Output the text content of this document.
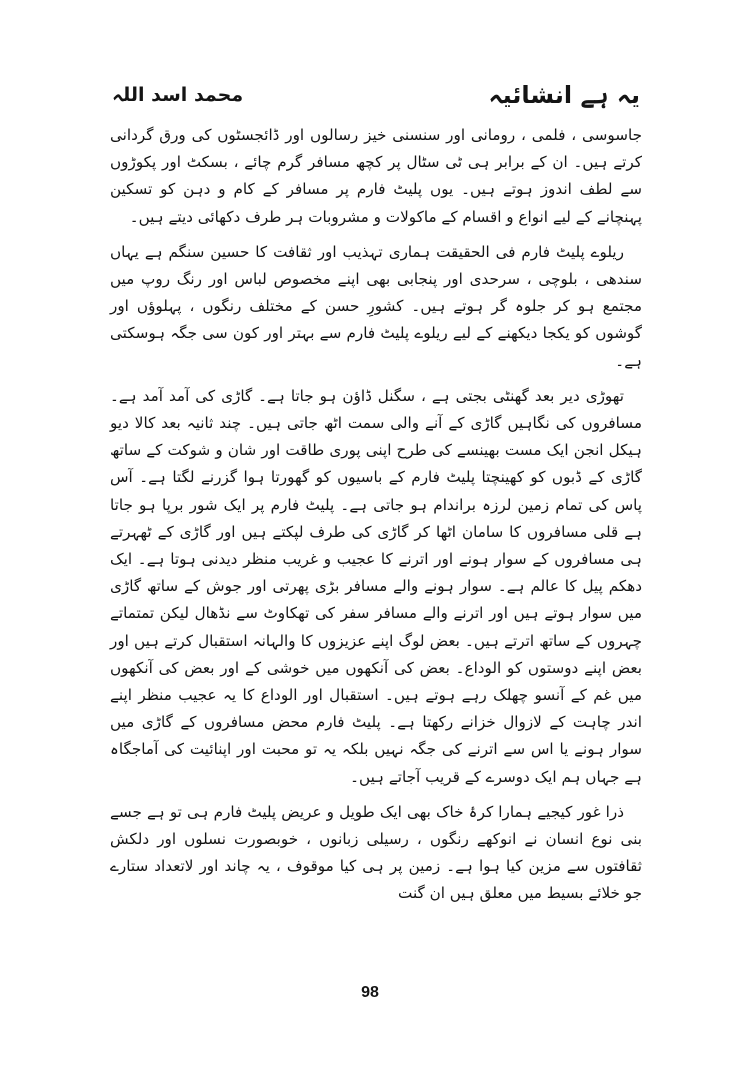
یہ ہے انشائیہ
محمد اسد اللہ

جاسوسی ، فلمی ، رومانی اور سنسنی خیز رسالوں اور ڈائجسٹوں کی ورق گردانی کرتے ہیں۔ ان کے برابر ہی ٹی سٹال پر کچھ مسافر گرم چائے ، بسکٹ اور پکوڑوں سے لطف اندوز ہوتے ہیں۔ یوں پلیٹ فارم پر مسافر کے کام و دہن کو تسکین پہنچانے کے لیے انواع و اقسام کے ماکولات و مشروبات ہر طرف دکھائی دیتے ہیں۔

ریلوے پلیٹ فارم فی الحقیقت ہماری تہذیب اور ثقافت کا حسین سنگم ہے یہاں سندھی ، بلوچی ، سرحدی اور پنجابی بھی اپنے مخصوص لباس اور رنگ روپ میں مجتمع ہو کر جلوہ گر ہوتے ہیں۔ کشورِ حسن کے مختلف رنگوں ، پہلوؤں اور گوشوں کو یکجا دیکھنے کے لیے ریلوے پلیٹ فارم سے بہتر اور کون سی جگہ ہوسکتی ہے۔

تھوڑی دیر بعد گھنٹی بجتی ہے ، سگنل ڈاؤن ہو جاتا ہے۔ گاڑی کی آمد آمد ہے۔ مسافروں کی نگاہیں گاڑی کے آنے والی سمت اٹھ جاتی ہیں۔ چند ثانیہ بعد کالا دیو ہیکل انجن ایک مست بھینسے کی طرح اپنی پوری طاقت اور شان و شوکت کے ساتھ گاڑی کے ڈبوں کو کھینچتا پلیٹ فارم کے باسیوں کو گھورتا ہوا گزرنے لگتا ہے۔ آس پاس کی تمام زمین لرزہ براندام ہو جاتی ہے۔ پلیٹ فارم پر ایک شور برپا ہو جاتا ہے قلی مسافروں کا سامان اٹھا کر گاڑی کی طرف لپکتے ہیں اور گاڑی کے ٹھہرتے ہی مسافروں کے سوار ہونے اور اترنے کا عجیب و غریب منظر دیدنی ہوتا ہے۔ ایک دھکم پیل کا عالم ہے۔ سوار ہونے والے مسافر بڑی پھرتی اور جوش کے ساتھ گاڑی میں سوار ہوتے ہیں اور اترنے والے مسافر سفر کی تھکاوٹ سے نڈھال لیکن تمتماتے چہروں کے ساتھ اترتے ہیں۔ بعض لوگ اپنے عزیزوں کا والہانہ استقبال کرتے ہیں اور بعض اپنے دوستوں کو الوداع۔ بعض کی آنکھوں میں خوشی کے اور بعض کی آنکھوں میں غم کے آنسو چھلک رہے ہوتے ہیں۔ استقبال اور الوداع کا یہ عجیب منظر اپنے اندر چاہت کے لازوال خزانے رکھتا ہے۔ پلیٹ فارم محض مسافروں کے گاڑی میں سوار ہونے یا اس سے اترنے کی جگہ نہیں بلکہ یہ تو محبت اور اپنائیت کی آماجگاہ ہے جہاں ہم ایک دوسرے کے قریب آجاتے ہیں۔

ذرا غور کیجیے ہمارا کرۂ خاک بھی ایک طویل و عریض پلیٹ فارم ہی تو ہے جسے بنی نوع انسان نے انوکھے رنگوں ، رسیلی زبانوں ، خوبصورت نسلوں اور دلکش ثقافتوں سے مزین کیا ہوا ہے۔ زمین پر ہی کیا موقوف ، یہ چاند اور لاتعداد ستارے جو خلائے بسیط میں معلق ہیں ان گنت

98
